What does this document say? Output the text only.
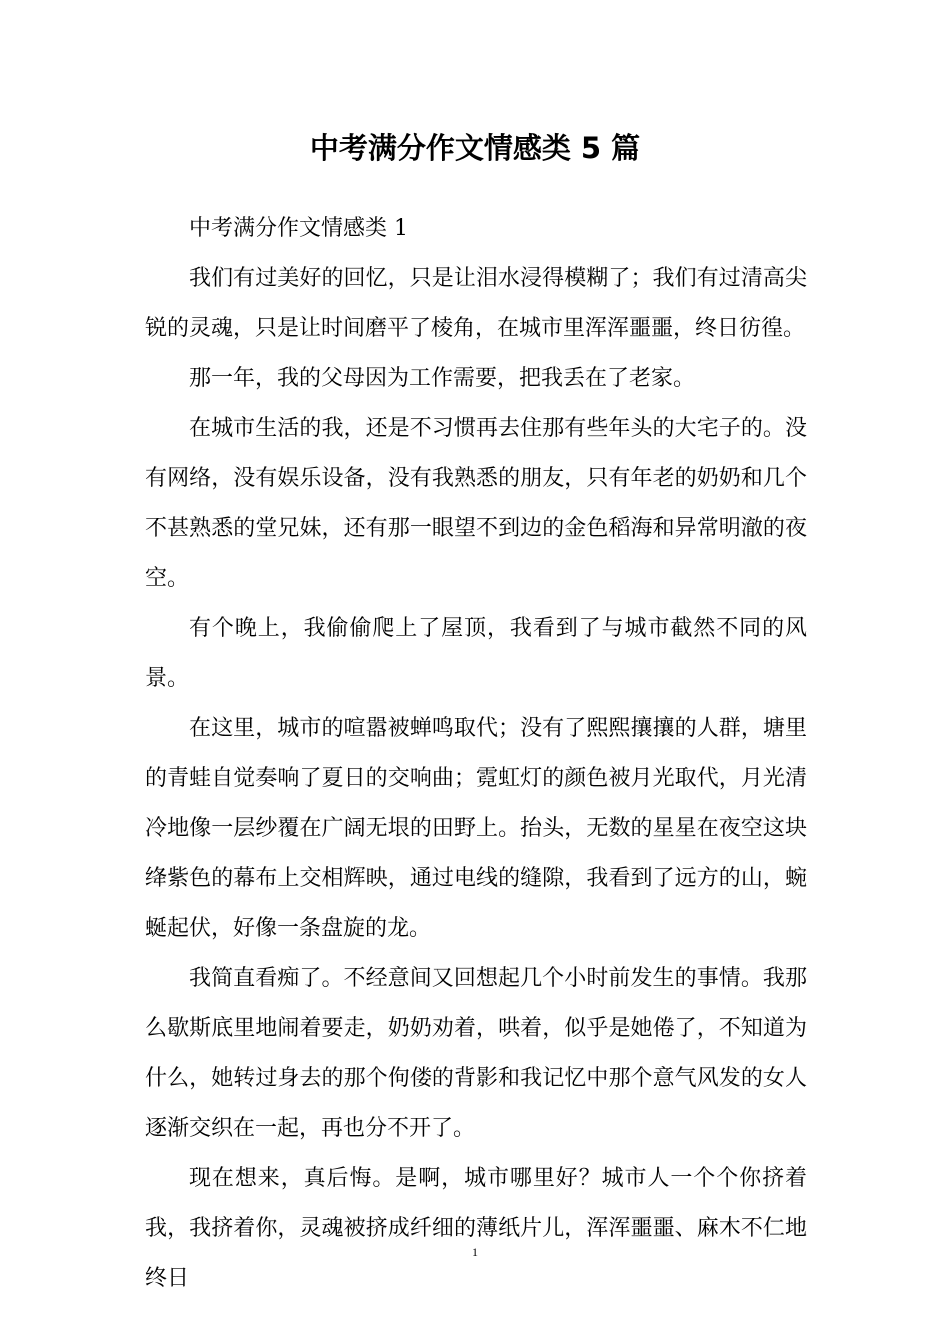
中考满分作文情感类 5 篇

中考满分作文情感类 1

我们有过美好的回忆，只是让泪水浸得模糊了；我们有过清高尖锐的灵魂，只是让时间磨平了棱角，在城市里浑浑噩噩，终日彷徨。

那一年，我的父母因为工作需要，把我丢在了老家。

在城市生活的我，还是不习惯再去住那有些年头的大宅子的。没有网络，没有娱乐设备，没有我熟悉的朋友，只有年老的奶奶和几个不甚熟悉的堂兄妹，还有那一眼望不到边的金色稻海和异常明澈的夜空。

有个晚上，我偷偷爬上了屋顶，我看到了与城市截然不同的风景。

在这里，城市的喧嚣被蝉鸣取代；没有了熙熙攘攘的人群，塘里的青蛙自觉奏响了夏日的交响曲；霓虹灯的颜色被月光取代，月光清冷地像一层纱覆在广阔无垠的田野上。抬头，无数的星星在夜空这块绛紫色的幕布上交相辉映，通过电线的缝隙，我看到了远方的山，蜿蜒起伏，好像一条盘旋的龙。

我简直看痴了。不经意间又回想起几个小时前发生的事情。我那么歇斯底里地闹着要走，奶奶劝着，哄着，似乎是她倦了，不知道为什么，她转过身去的那个佝偻的背影和我记忆中那个意气风发的女人逐渐交织在一起，再也分不开了。

现在想来，真后悔。是啊，城市哪里好？城市人一个个你挤着我，我挤着你，灵魂被挤成纤细的薄纸片儿，浑浑噩噩、麻木不仁地终日

1
